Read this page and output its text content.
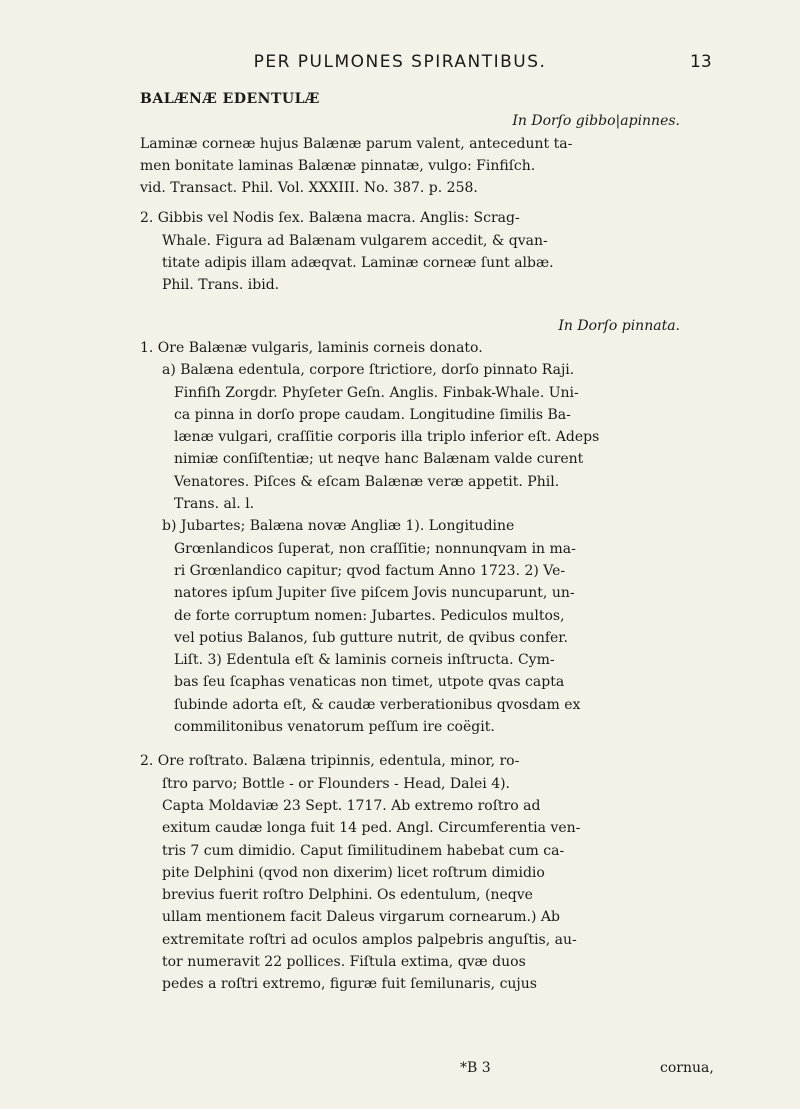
PER PULMONES SPIRANTIBUS.	13
BALÆNÆ EDENTULÆ
In Dorſo gibbo|apinnes.
Laminæ corneæ hujus Balænæ parum valent, antecedunt ta-
men bonitate laminas Balænæ pinnatæ, vulgo: Finfiſch.
vid. Transact. Phil. Vol. XXXIII. No. 387. p. 258.
2. Gibbis vel Nodis ſex. Balæna macra. Anglis: Scrag-
Whale. Figura ad Balænam vulgarem accedit, & qvan-
titate adipis illam adæqvat. Laminæ corneæ ſunt albæ.
Phil. Trans. ibid.
In Dorſo pinnata.
1. Ore Balænæ vulgaris, laminis corneis donato.
a) Balæna edentula, corpore ſtrictiore, dorſo pinnato Raji.
Finfiſh Zorgdr. Phyſeter Geſn. Anglis. Finbak-Whale. Uni-
ca pinna in dorſo prope caudam. Longitudine ſimilis Ba-
lænæ vulgari, craſſitie corporis illa triplo inferior eſt. Adeps
nimiæ conſiſtentiæ; ut neqve hanc Balænam valde curent
Venatores. Piſces & eſcam Balænæ veræ appetit. Phil.
Trans. al. l.
b) Jubartes; Balæna novæ Angliæ 1). Longitudine
Grœnlandicos ſuperat, non craſſitie; nonnunqvam in ma-
ri Grœnlandico capitur; qvod factum Anno 1723. 2) Ve-
natores ipſum Jupiter ſive piſcem Jovis nuncuparunt, un-
de forte corruptum nomen: Jubartes. Pediculos multos,
vel potius Balanos, ſub gutture nutrit, de qvibus confer.
Liſt. 3) Edentula eſt & laminis corneis inſtructa. Cym-
bas ſeu ſcaphas venaticas non timet, utpote qvas capta
ſubinde adorta eſt, & caudæ verberationibus qvosdam ex
commilitonibus venatorum peſſum ire coëgit.
2. Ore roſtrato. Balæna tripinnis, edentula, minor, ro-
ſtro parvo; Bottle - or Flounders - Head, Dalei 4).
Capta Moldaviæ 23 Sept. 1717. Ab extremo roſtro ad
exitum caudæ longa fuit 14 ped. Angl. Circumferentia ven-
tris 7 cum dimidio. Caput ſimilitudinem habebat cum ca-
pite Delphini (qvod non dixerim) licet roſtrum dimidio
brevius fuerit roſtro Delphini. Os edentulum, (neqve
ullam mentionem facit Daleus virgarum cornearum.) Ab
extremitate roſtri ad oculos amplos palpebris anguſtis, au-
tor numeravit 22 pollices. Fiſtula extima, qvæ duos
pedes a roſtri extremo, figuræ fuit ſemilunaris, cujus
*B 3	cornua,
